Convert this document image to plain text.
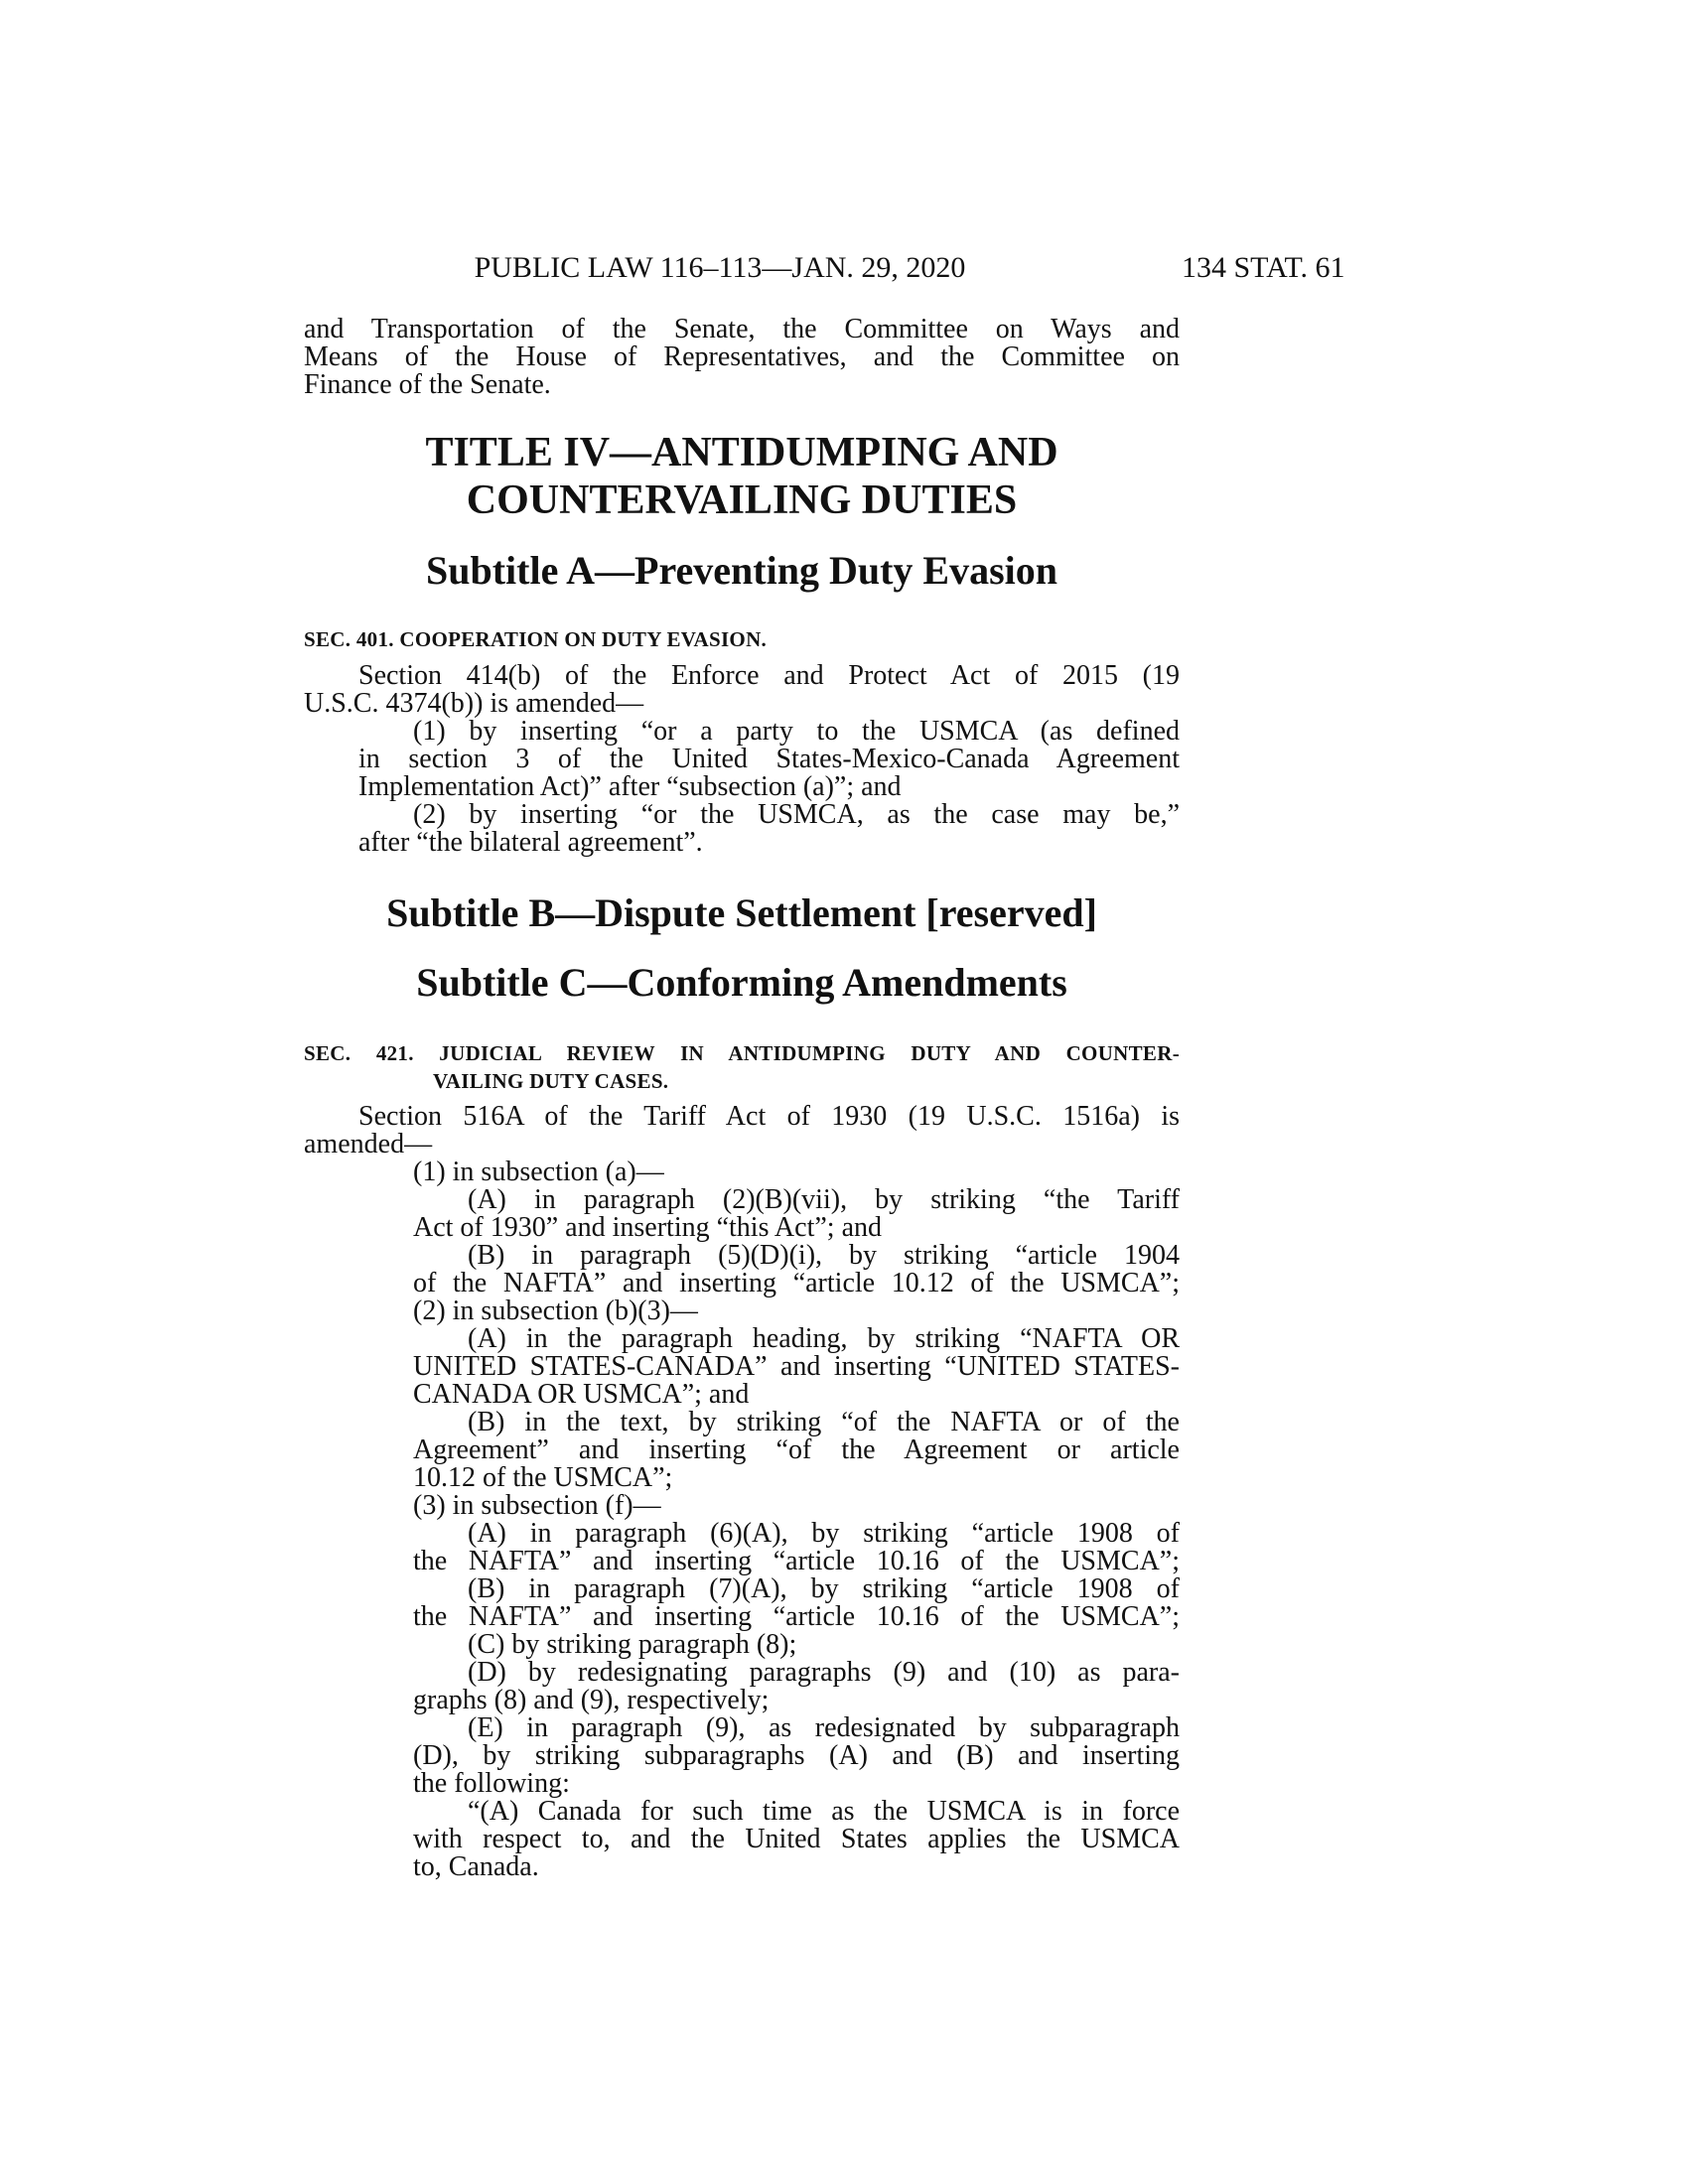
PUBLIC LAW 116–113—JAN. 29, 2020	134 STAT. 61
and Transportation of the Senate, the Committee on Ways and
Means of the House of Representatives, and the Committee on
Finance of the Senate.
TITLE IV—ANTIDUMPING AND
COUNTERVAILING DUTIES
Subtitle A—Preventing Duty Evasion
SEC. 401. COOPERATION ON DUTY EVASION.
Section 414(b) of the Enforce and Protect Act of 2015 (19
U.S.C. 4374(b)) is amended—
(1) by inserting “or a party to the USMCA (as defined
in section 3 of the United States-Mexico-Canada Agreement
Implementation Act)” after “subsection (a)”; and
(2) by inserting “or the USMCA, as the case may be,”
after “the bilateral agreement”.
Subtitle B—Dispute Settlement [reserved]
Subtitle C—Conforming Amendments
SEC. 421. JUDICIAL REVIEW IN ANTIDUMPING DUTY AND COUNTER-
VAILING DUTY CASES.
Section 516A of the Tariff Act of 1930 (19 U.S.C. 1516a) is
amended—
(1) in subsection (a)—
(A) in paragraph (2)(B)(vii), by striking “the Tariff
Act of 1930” and inserting “this Act”; and
(B) in paragraph (5)(D)(i), by striking “article 1904
of the NAFTA” and inserting “article 10.12 of the USMCA”;
(2) in subsection (b)(3)—
(A) in the paragraph heading, by striking “NAFTA OR
UNITED STATES-CANADA” and inserting “UNITED STATES-
CANADA OR USMCA”; and
(B) in the text, by striking “of the NAFTA or of the
Agreement” and inserting “of the Agreement or article
10.12 of the USMCA”;
(3) in subsection (f)—
(A) in paragraph (6)(A), by striking “article 1908 of
the NAFTA” and inserting “article 10.16 of the USMCA”;
(B) in paragraph (7)(A), by striking “article 1908 of
the NAFTA” and inserting “article 10.16 of the USMCA”;
(C) by striking paragraph (8);
(D) by redesignating paragraphs (9) and (10) as para-
graphs (8) and (9), respectively;
(E) in paragraph (9), as redesignated by subparagraph
(D), by striking subparagraphs (A) and (B) and inserting
the following:
“(A) Canada for such time as the USMCA is in force
with respect to, and the United States applies the USMCA
to, Canada.
